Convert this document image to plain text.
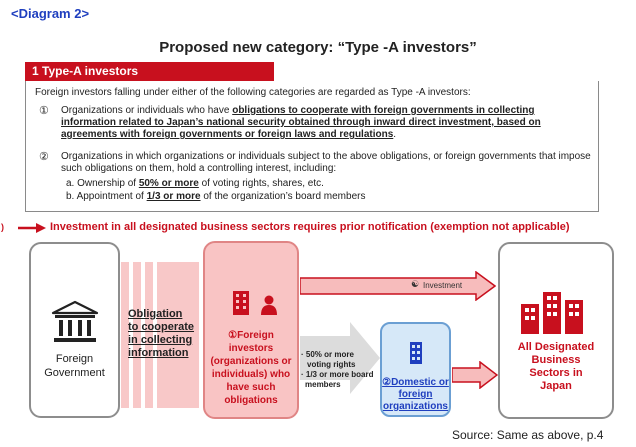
<Diagram 2>
Proposed new category: “Type -A investors”
1 Type-A investors
Foreign investors falling under either of the following categories are regarded as Type -A investors:
① Organizations or individuals who have obligations to cooperate with foreign governments in collecting information related to Japan’s national security obtained through inward direct investment, based on agreements with foreign governments or foreign laws and regulations.
② Organizations in which organizations or individuals subject to the above obligations, or foreign governments that impose such obligations on them, hold a controlling interest, including:
a. Ownership of 50% or more of voting rights, shares, etc.
b. Appointment of 1/3 or more of the organization’s board members
)	Investment in all designated business sectors requires prior notification (exemption not applicable)
Foreign
Government
Obligation
to cooperate
in collecting
information
①Foreign investors
(organizations or
individuals) who
have such
obligations
☯ Investment
· 50% or more
voting rights
· 1/3 or more board
members	②Domestic or
foreign
organizations
All Designated
Business
Sectors in
Japan
Source: Same as above, p.4
